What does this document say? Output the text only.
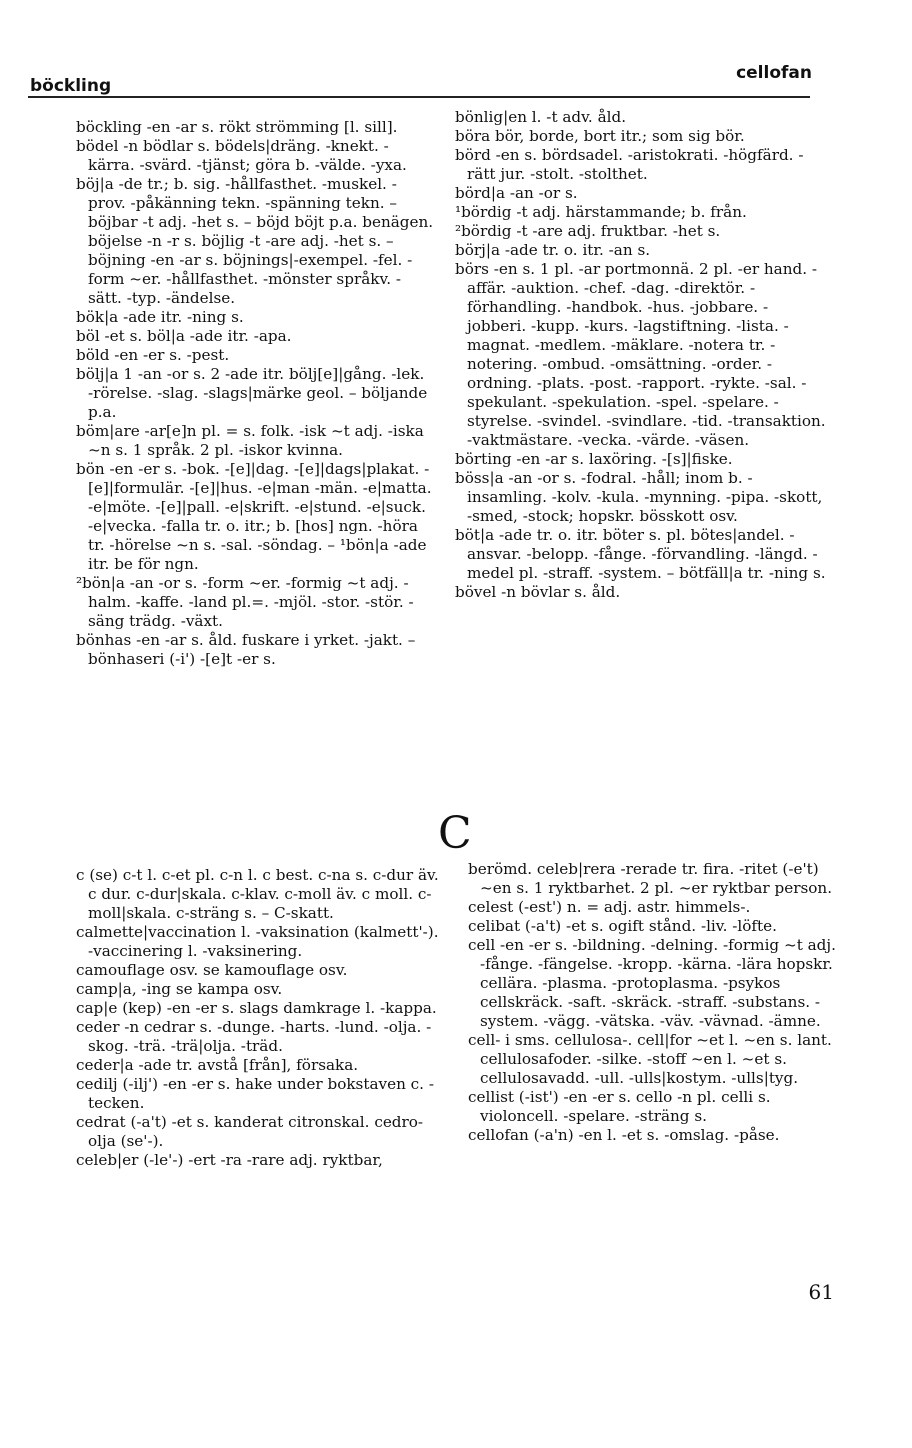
böckling
cellofan

böckling -en -ar s. rökt strömming [l. sill].

bödel -n bödlar s. bödels|dräng. -knekt. -kärra. -svärd. -tjänst; göra b. -välde. -yxa.

böj|a -de tr.; b. sig. -hållfasthet. -muskel. -prov. -påkänning tekn. -spänning tekn. – böjbar -t adj. -het s. – böjd böjt p.a. benägen. böjelse -n -r s. böjlig -t -are adj. -het s. – böjning -en -ar s. böjnings|-exempel. -fel. -form ~er. -hållfasthet. -mönster språkv. -sätt. -typ. -ändelse.

bök|a -ade itr. -ning s.

böl -et s. böl|a -ade itr. -apa.

böld -en -er s. -pest.

bölj|a 1 -an -or s. 2 -ade itr. bölj[e]|gång. -lek. -rörelse. -slag. -slags|märke geol. – böljande p.a.

böm|are -ar[e]n pl. = s. folk. -isk ~t adj. -iska ~n s. 1 språk. 2 pl. -iskor kvinna.

bön -en -er s. -bok. -[e]|dag. -[e]|dags|plakat. -[e]|formulär. -[e]|hus. -e|man -män. -e|matta. -e|möte. -[e]|pall. -e|skrift. -e|stund. -e|suck. -e|vecka. -falla tr. o. itr.; b. [hos] ngn. -höra tr. -hörelse ~n s. -sal. -söndag. – ¹bön|a -ade itr. be för ngn.

²bön|a -an -or s. -form ~er. -formig ~t adj. -halm. -kaffe. -land pl.=. -mjöl. -stor. -stör. -säng trädg. -växt.

bönhas -en -ar s. åld. fuskare i yrket. -jakt. – bönhaseri (-i') -[e]t -er s.

bönlig|en l. -t adv. åld.

böra bör, borde, bort itr.; som sig bör.

börd -en s. bördsadel. -aristokrati. -högfärd. -rätt jur. -stolt. -stolthet.

börd|a -an -or s.

¹bördig -t adj. härstammande; b. från.

²bördig -t -are adj. fruktbar. -het s.

börj|a -ade tr. o. itr. -an s.

börs -en s. 1 pl. -ar portmonnä. 2 pl. -er hand. -affär. -auktion. -chef. -dag. -direktör. -förhandling. -handbok. -hus. -jobbare. -jobberi. -kupp. -kurs. -lagstiftning. -lista. -magnat. -medlem. -mäklare. -notera tr. -notering. -ombud. -omsättning. -order. -ordning. -plats. -post. -rapport. -rykte. -sal. -spekulant. -spekulation. -spel. -spelare. -styrelse. -svindel. -svindlare. -tid. -transaktion. -vaktmästare. -vecka. -värde. -väsen.

börting -en -ar s. laxöring. -[s]|fiske.

böss|a -an -or s. -fodral. -håll; inom b. -insamling. -kolv. -kula. -mynning. -pipa. -skott, -smed, -stock; hopskr. bösskott osv.

böt|a -ade tr. o. itr. böter s. pl. bötes|andel. -ansvar. -belopp. -fånge. -förvandling. -längd. -medel pl. -straff. -system. – bötfäll|a tr. -ning s.

bövel -n bövlar s. åld.

C

c (se) c-t l. c-et pl. c-n l. c best. c-na s. c-dur äv. c dur. c-dur|skala. c-klav. c-moll äv. c moll. c-moll|skala. c-sträng s. – C-skatt.

calmette|vaccination l. -vaksination (kalmett'-). -vaccinering l. -vaksinering.

camouflage osv. se kamouflage osv.

camp|a, -ing se kampa osv.

cap|e (kep) -en -er s. slags damkrage l. -kappa.

ceder -n cedrar s. -dunge. -harts. -lund. -olja. -skog. -trä. -trä|olja. -träd.

ceder|a -ade tr. avstå [från], försaka.

cedilj (-ilj') -en -er s. hake under bokstaven c. -tecken.

cedrat (-a't) -et s. kanderat citronskal. cedro-olja (se'-).

celeb|er (-le'-) -ert -ra -rare adj. ryktbar,

berömd. celeb|rera -rerade tr. fira. -ritet (-e't) ~en s. 1 ryktbarhet. 2 pl. ~er ryktbar person.

celest (-est') n. = adj. astr. himmels-.

celibat (-a't) -et s. ogift stånd. -liv. -löfte.

cell -en -er s. -bildning. -delning. -formig ~t adj. -fånge. -fängelse. -kropp. -kärna. -lära hopskr. cellära. -plasma. -protoplasma. -psykos cellskräck. -saft. -skräck. -straff. -substans. -system. -vägg. -vätska. -väv. -vävnad. -ämne.

cell- i sms. cellulosa-. cell|for ~et l. ~en s. lant. cellulosafoder. -silke. -stoff ~en l. ~et s. cellulosavadd. -ull. -ulls|kostym. -ulls|tyg.

cellist (-ist') -en -er s. cello -n pl. celli s. violoncell. -spelare. -sträng s.

cellofan (-a'n) -en l. -et s. -omslag. -påse.

61
